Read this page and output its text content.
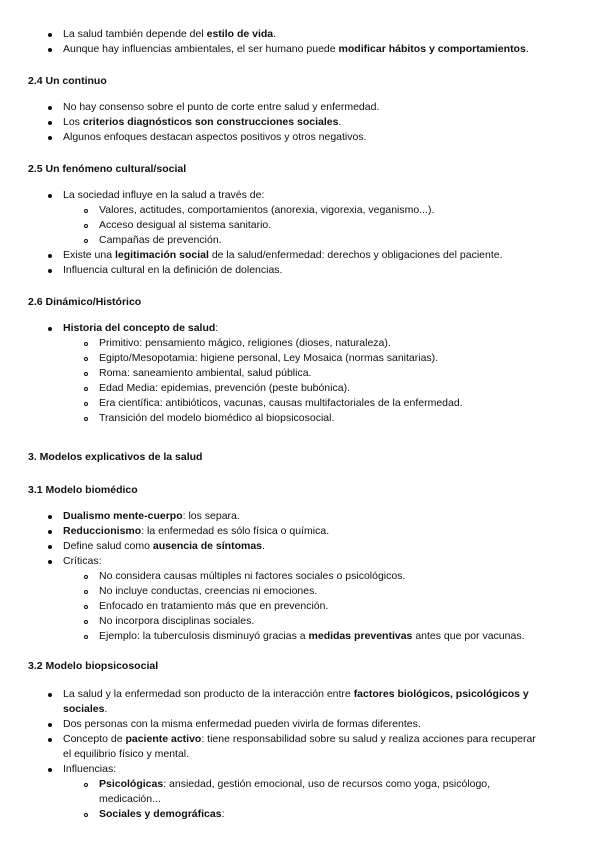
La salud también depende del estilo de vida.
Aunque hay influencias ambientales, el ser humano puede modificar hábitos y comportamientos.
2.4 Un continuo
No hay consenso sobre el punto de corte entre salud y enfermedad.
Los criterios diagnósticos son construcciones sociales.
Algunos enfoques destacan aspectos positivos y otros negativos.
2.5 Un fenómeno cultural/social
La sociedad influye en la salud a través de:
Valores, actitudes, comportamientos (anorexia, vigorexia, veganismo...).
Acceso desigual al sistema sanitario.
Campañas de prevención.
Existe una legitimación social de la salud/enfermedad: derechos y obligaciones del paciente.
Influencia cultural en la definición de dolencias.
2.6 Dinámico/Histórico
Historia del concepto de salud:
Primitivo: pensamiento mágico, religiones (dioses, naturaleza).
Egipto/Mesopotamia: higiene personal, Ley Mosaica (normas sanitarias).
Roma: saneamiento ambiental, salud pública.
Edad Media: epidemias, prevención (peste bubónica).
Era científica: antibióticos, vacunas, causas multifactoriales de la enfermedad.
Transición del modelo biomédico al biopsicosocial.
3. Modelos explicativos de la salud
3.1 Modelo biomédico
Dualismo mente-cuerpo: los separa.
Reduccionismo: la enfermedad es sólo física o química.
Define salud como ausencia de síntomas.
Críticas:
No considera causas múltiples ni factores sociales o psicológicos.
No incluye conductas, creencias ni emociones.
Enfocado en tratamiento más que en prevención.
No incorpora disciplinas sociales.
Ejemplo: la tuberculosis disminuyó gracias a medidas preventivas antes que por vacunas.
3.2 Modelo biopsicosocial
La salud y la enfermedad son producto de la interacción entre factores biológicos, psicológicos y
sociales.
Dos personas con la misma enfermedad pueden vivirla de formas diferentes.
Concepto de paciente activo: tiene responsabilidad sobre su salud y realiza acciones para recuperar
el equilibrio físico y mental.
Influencias:
Psicológicas: ansiedad, gestión emocional, uso de recursos como yoga, psicólogo,
medicación...
Sociales y demográficas:
